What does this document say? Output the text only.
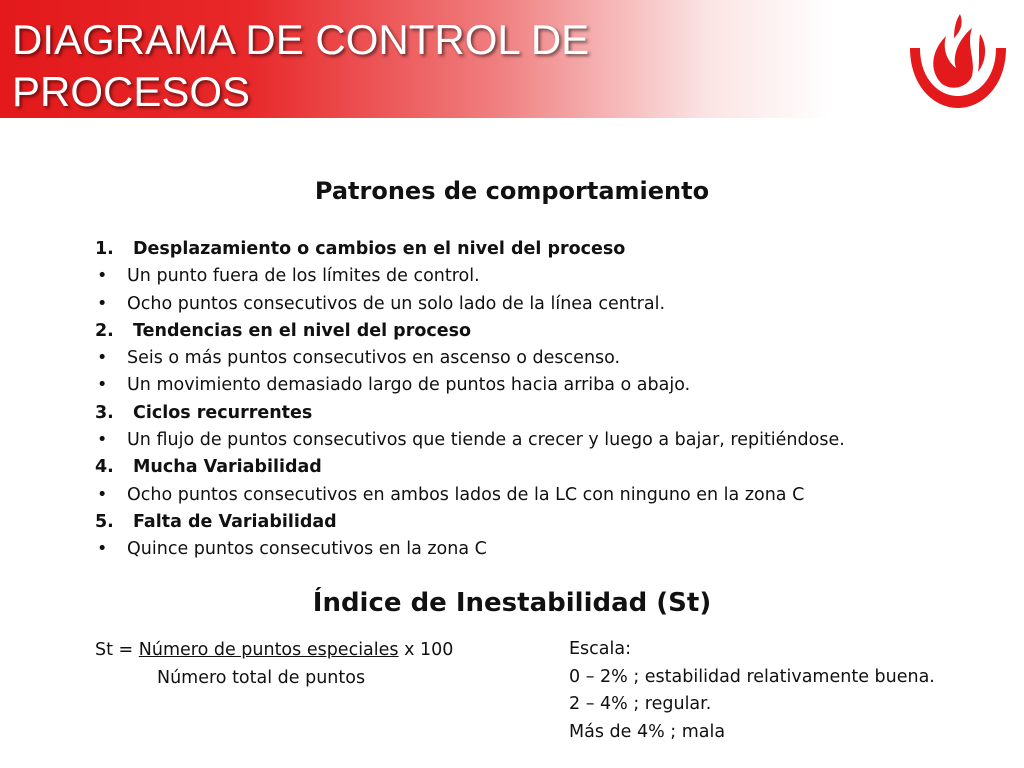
DIAGRAMA DE CONTROL DE
PROCESOS
Patrones de comportamiento
1. Desplazamiento o cambios en el nivel del proceso
• Un punto fuera de los límites de control.
• Ocho puntos consecutivos de un solo lado de la línea central.
2. Tendencias en el nivel del proceso
• Seis o más puntos consecutivos en ascenso o descenso.
• Un movimiento demasiado largo de puntos hacia arriba o abajo.
3. Ciclos recurrentes
• Un flujo de puntos consecutivos que tiende a crecer y luego a bajar, repitiéndose.
4. Mucha Variabilidad
• Ocho puntos consecutivos en ambos lados de la LC con ninguno en la zona C
5. Falta de Variabilidad
• Quince puntos consecutivos en la zona C
Índice de Inestabilidad (St)
St = Número de puntos especiales x 100
Número total de puntos
Escala:
0 – 2% ; estabilidad relativamente buena.
2 – 4% ; regular.
Más de 4% ; mala
